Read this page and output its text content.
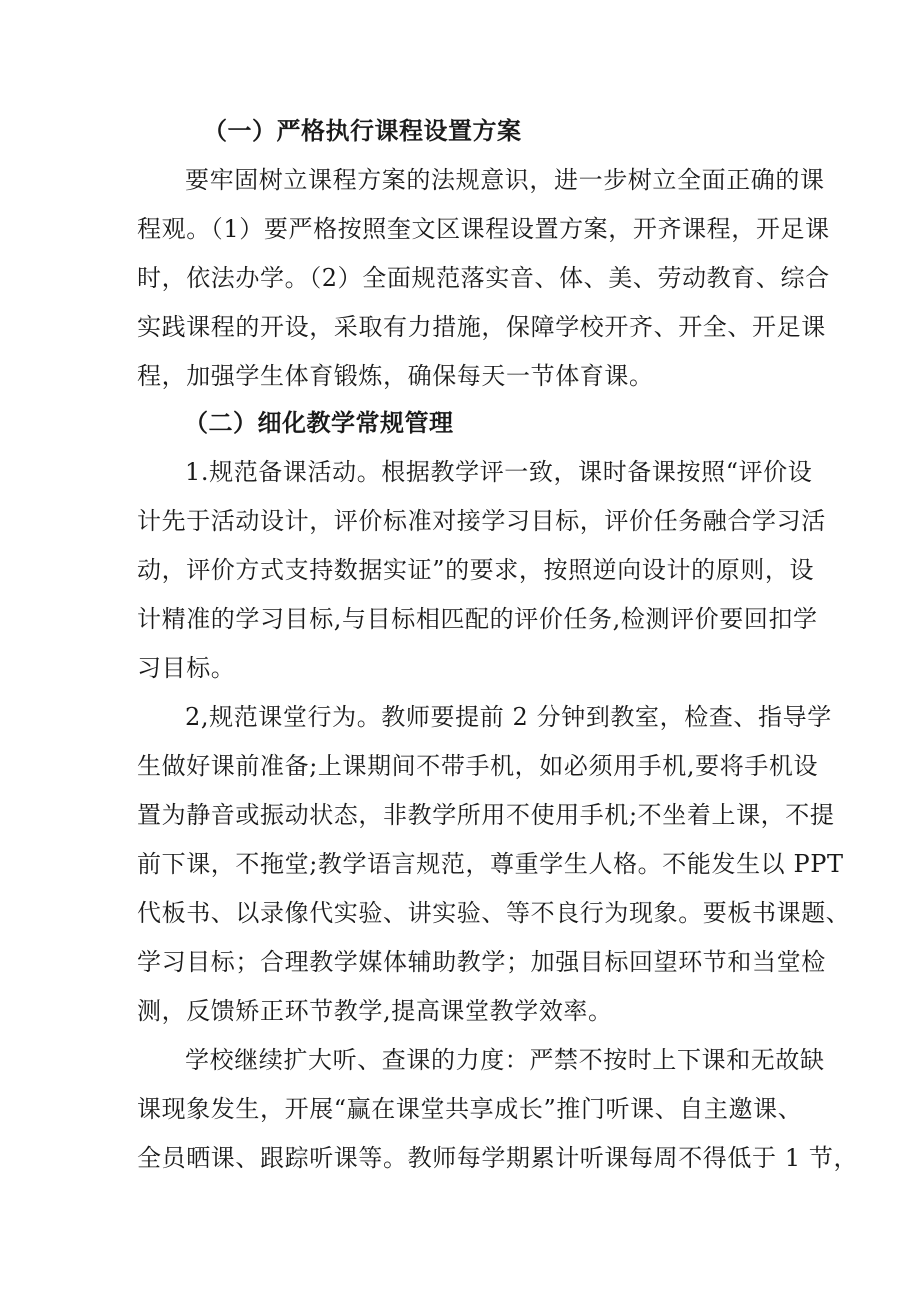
（一）严格执行课程设置方案
要牢固树立课程方案的法规意识，进一步树立全面正确的课
程观。（1）要严格按照奎文区课程设置方案，开齐课程，开足课
时，依法办学。（2）全面规范落实音、体、美、劳动教育、综合
实践课程的开设，采取有力措施，保障学校开齐、开全、开足课
程，加强学生体育锻炼，确保每天一节体育课。
（二）细化教学常规管理
1.规范备课活动。根据教学评一致，课时备课按照“评价设
计先于活动设计，评价标准对接学习目标，评价任务融合学习活
动，评价方式支持数据实证”的要求，按照逆向设计的原则，设
计精准的学习目标,与目标相匹配的评价任务,检测评价要回扣学
习目标。
2,规范课堂行为。教师要提前 2 分钟到教室，检查、指导学
生做好课前准备;上课期间不带手机，如必须用手机,要将手机设
置为静音或振动状态，非教学所用不使用手机;不坐着上课，不提
前下课，不拖堂;教学语言规范，尊重学生人格。不能发生以 PPT
代板书、以录像代实验、讲实验、等不良行为现象。要板书课题、
学习目标；合理教学媒体辅助教学；加强目标回望环节和当堂检
测，反馈矫正环节教学,提高课堂教学效率。
学校继续扩大听、查课的力度：严禁不按时上下课和无故缺
课现象发生，开展“赢在课堂共享成长”推门听课、自主邀课、
全员晒课、跟踪听课等。教师每学期累计听课每周不得低于 1 节，
